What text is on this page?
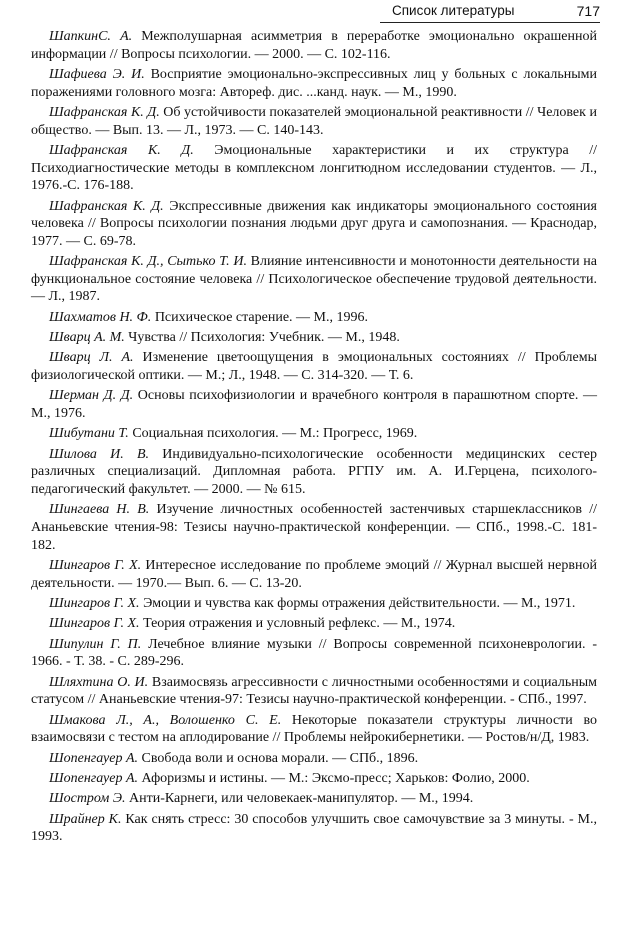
Список литературы	717

ШапкинС. А. Межполушарная асимметрия в переработке эмоционально окрашенной информации // Вопросы психологии. — 2000. — С. 102-116.

Шафиева Э. И. Восприятие эмоционально-экспрессивных лиц у больных с локальными поражениями головного мозга: Автореф. дис. ...канд. наук. — М., 1990.

Шафранская К. Д. Об устойчивости показателей эмоциональной реактивности // Человек и общество. — Вып. 13. — Л., 1973. — С. 140-143.

Шафранская К. Д. Эмоциональные характеристики и их структура // Психодиагностические методы в комплексном лонгитюдном исследовании студентов. — Л., 1976.-С. 176-188.

Шафранская К. Д. Экспрессивные движения как индикаторы эмоционального состояния человека // Вопросы психологии познания людьми друг друга и самопознания. — Краснодар, 1977. — С. 69-78.

Шафранская К. Д., Сытько Т. И. Влияние интенсивности и монотонности деятельности на функциональное состояние человека // Психологическое обеспечение трудовой деятельности. — Л., 1987.

Шахматов Н. Ф. Психическое старение. — М., 1996.

Шварц А. М. Чувства // Психология: Учебник. — М., 1948.

Шварц Л. А. Изменение цветоощущения в эмоциональных состояниях // Проблемы физиологической оптики. — М.; Л., 1948. — С. 314-320. — Т. 6.

Шерман Д. Д. Основы психофизиологии и врачебного контроля в парашютном спорте. — М., 1976.

Шибутани Т. Социальная психология. — М.: Прогресс, 1969.

Шилова И. В. Индивидуально-психологические особенности медицинских сестер различных специализаций. Дипломная работа. РГПУ им. А. И.Герцена, психолого-педагогический факультет. — 2000. — № 615.

Шингаева Н. В. Изучение личностных особенностей застенчивых старшеклассников // Ананьевские чтения-98: Тезисы научно-практической конференции. — СПб., 1998.-С. 181-182.

Шингаров Г. X. Интересное исследование по проблеме эмоций // Журнал высшей нервной деятельности. — 1970.— Вып. 6. — С. 13-20.

Шингаров Г. X. Эмоции и чувства как формы отражения действительности. — М., 1971.

Шингаров Г. X. Теория отражения и условный рефлекс. — М., 1974.

Шипулин Г. П. Лечебное влияние музыки // Вопросы современной психоневрологии. - 1966. - Т. 38. - С. 289-296.

Шляхтина О. И. Взаимосвязь агрессивности с личностными особенностями и социальным статусом // Ананьевские чтения-97: Тезисы научно-практической конференции. - СПб., 1997.

Шмакова Л., А., Волошенко С. Е. Некоторые показатели структуры личности во взаимосвязи с тестом на аплодирование // Проблемы нейрокибернетики. — Ростов/н/Д, 1983.

Шопенгауер А. Свобода воли и основа морали. — СПб., 1896.

Шопенгауер А. Афоризмы и истины. — М.: Эксмо-пресс; Харьков: Фолио, 2000.

Шостром Э. Анти-Карнеги, или человекаек-манипулятор. — М., 1994.

Шрайнер К. Как снять стресс: 30 способов улучшить свое самочувствие за 3 минуты. - М., 1993.
